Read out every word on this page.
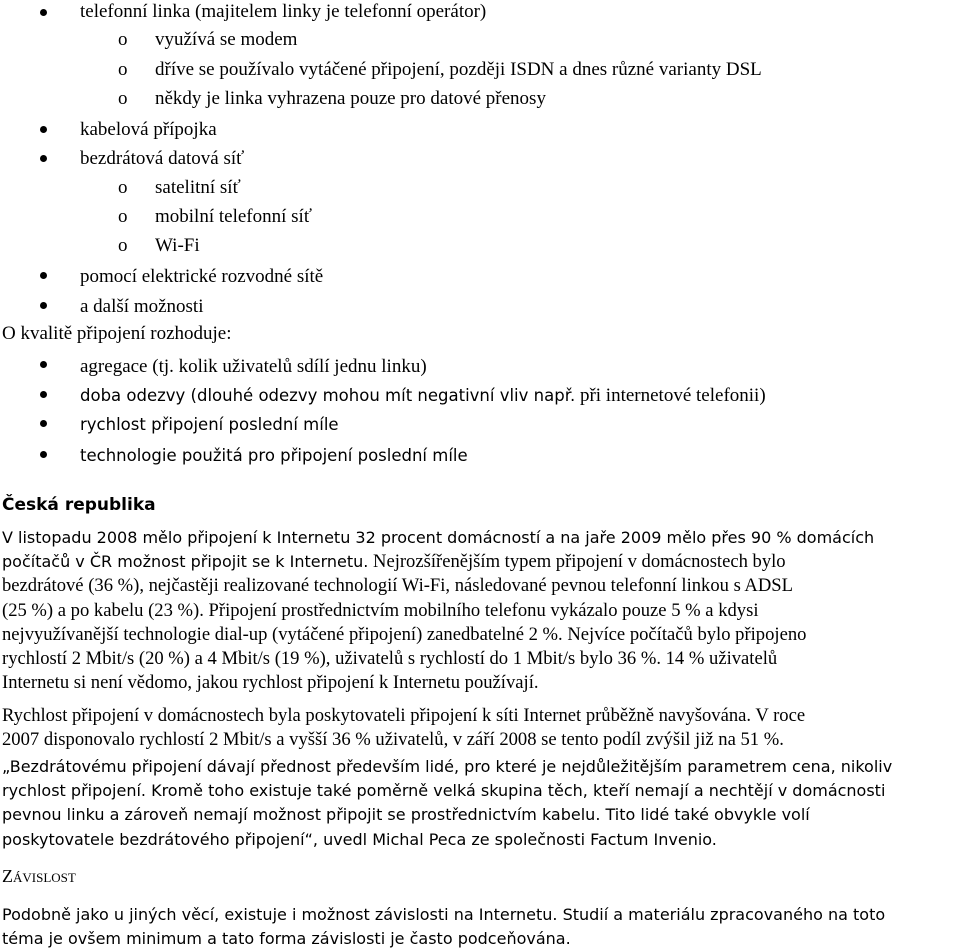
telefonní linka (majitelem linky je telefonní operátor)
o využívá se modem
o dříve se používalo vytáčené připojení, později ISDN a dnes různé varianty DSL
o někdy je linka vyhrazena pouze pro datové přenosy
kabelová přípojka
bezdrátová datová síť
o satelitní síť
o mobilní telefonní síť
o Wi-Fi
pomocí elektrické rozvodné sítě
a další možnosti
O kvalitě připojení rozhoduje:
agregace (tj. kolik uživatelů sdílí jednu linku)
doba odezvy (dlouhé odezvy mohou mít negativní vliv např. při internetové telefonii)
rychlost připojení poslední míle
technologie použitá pro připojení poslední míle
Česká republika
V listopadu 2008 mělo připojení k Internetu 32 procent domácností a na jaře 2009 mělo přes 90 % domácích
počítačů v ČR možnost připojit se k Internetu. Nejrozšířenějším typem připojení v domácnostech bylo
bezdrátové (36 %), nejčastěji realizované technologií Wi-Fi, následované pevnou telefonní linkou s ADSL
(25 %) a po kabelu (23 %). Připojení prostřednictvím mobilního telefonu vykázalo pouze 5 % a kdysi
nejvyužívanější technologie dial-up (vytáčené připojení) zanedbatelné 2 %. Nejvíce počítačů bylo připojeno
rychlostí 2 Mbit/s (20 %) a 4 Mbit/s (19 %), uživatelů s rychlostí do 1 Mbit/s bylo 36 %. 14 % uživatelů
Internetu si není vědomo, jakou rychlost připojení k Internetu používají.
Rychlost připojení v domácnostech byla poskytovateli připojení k síti Internet průběžně navyšována. V roce
2007 disponovalo rychlostí 2 Mbit/s a vyšší 36 % uživatelů, v září 2008 se tento podíl zvýšil již na 51 %.
„Bezdrátovému připojení dávají přednost především lidé, pro které je nejdůležitějším parametrem cena, nikoliv
rychlost připojení. Kromě toho existuje také poměrně velká skupina těch, kteří nemají a nechtějí v domácnosti
pevnou linku a zároveň nemají možnost připojit se prostřednictvím kabelu. Tito lidé také obvykle volí
poskytovatele bezdrátového připojení“, uvedl Michal Peca ze společnosti Factum Invenio.
Závislost
Podobně jako u jiných věcí, existuje i možnost závislosti na Internetu. Studií a materiálu zpracovaného na toto
téma je ovšem minimum a tato forma závislosti je často podceňována.
